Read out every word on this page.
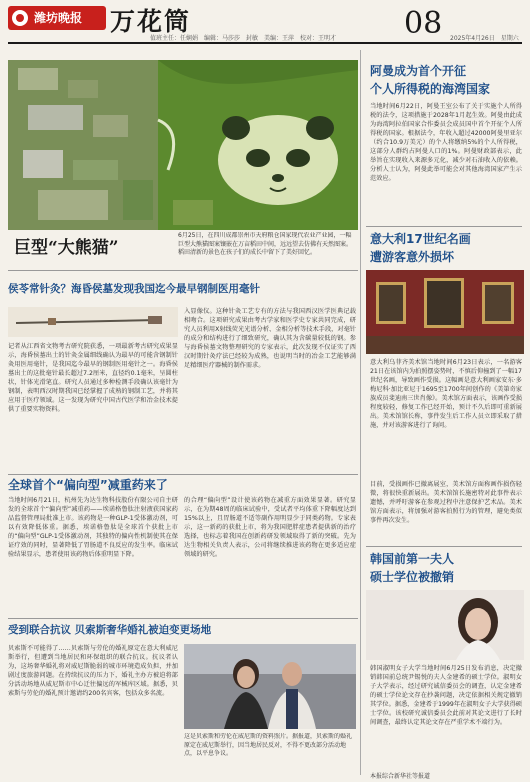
潍坊晚报	万花筒
值班主任：任娴娟　编辑：马莎莎　封敏　美编：王萍　校对：王明才 08 2025年4月26日　星期六
巨型“大熊猫”
6月25日，在四川成都崇州市天府粮仓国家现代农业产业园，一幅巨型大熊猫图案镶嵌在万亩稻田中间，远远望去仿佛有天然图案。稻田清新的景色在孩子们的成长中留下了美好回忆。
侯苓常针灸？海昏侯墓发现我国迄今最早钢制医用毫针
记者从江西省文物考古研究院获悉，一项最新考古研究成果显示，海昏侯墓出土的针灸金属细线确认为最早的可能含钢制针灸用医用毫针，是我国迄今最早的钢制医用毫针之一。海昏侯墓出土的这批毫针最长超过7.2厘米，直径约0.1毫米，呈圆柱状，针体光滑笔直。研究人员通过多种检测手段确认该毫针为钢制，表明西汉时期我国已经掌握了成熟的钢制工艺，并将其应用于医疗领域。这一发现为研究中国古代医学和冶金技术提供了重要实物资料。
入显像仪。这种针灸工艺专有的方法与我国西汉医学医典记载相吻合。这项研究成果由考古学家和医学史专家共同完成，研究人员利用X射线荧光光谱分析、金相分析等技术手段，对毫针的成分和结构进行了细致研究，确认其为含碳量较低的钢。参与海昏侯墓文物整理研究的专家表示，此次发现不仅证实了西汉时期针灸疗法已经较为成熟，也说明当时的冶金工艺能够满足精细医疗器械的制作需求。
全球首个“偏向型”减重药来了
当地时间6月21日，杭州先为达生物科技股份有限公司自主研发的全球首个“偏向型”减重药——埃诺格鲁肽注射液获国家药品监督管理局批准上市。该药物是一种GLP-1受体激动剂，可以有效降低体重。据悉，埃诺格鲁肽是全球首个获批上市的“偏向型”GLP-1受体激动剂，其独特的偏向性机制使其在保证疗效的同时，显著降低了胃肠道不良反应的发生率。临床试验结果显示，患者使用该药物后体重明显下降。
的合理“偏向型”设计使该药物在减重方面效果显著。研究显示，在为期48周的临床试验中，受试者平均体重下降幅度达到15%以上，且胃肠道不适等副作用明显少于同类药物。专家表示，这一新药的获批上市，将为我国肥胖症患者提供新的治疗选择，也标志着我国在创新药研发领域取得了新的突破。先为达生物相关负责人表示，公司将继续推进该药物在更多适应症领域的研究。
受到联合抗议 贝索斯奢华婚礼被迫变更场地
贝索斯不可能得了……贝索斯与劳伦的婚礼原定在意大利威尼斯举行，但遭到当地居民和环保组织的联合抗议。抗议者认为，这场奢华婚礼将对威尼斯脆弱的城市环境造成负担，并加剧过度旅游问题。在持续抗议的压力下，婚礼主办方被迫将部分活动场地从威尼斯市中心迁往偏远的军械库区域。据悉，贝索斯与劳伦的婚礼预计邀请约200名宾客，包括众多名流。
这是贝索斯和劳伦在威尼斯的资料照片。据报道，贝索斯的婚礼原定在威尼斯举行，因当地居民反对，不得不更改部分活动地点，以平息争议。
阿曼成为首个开征
个人所得税的海湾国家
当地时间6月22日，阿曼王室公布了关于实施个人所得税的法令，这项措施于2028年1月起生效。阿曼由此成为海湾阿拉伯国家合作委员会成员国中首个开征个人所得税的国家。根据法令，年收入超过42000阿曼里亚尔（约合10.9万美元）的个人将缴纳5%的个人所得税，这部分人群约占阿曼人口的1%。阿曼财政部表示，此举旨在实现收入来源多元化，减少对石油收入的依赖。分析人士认为，阿曼此举可能会对其他海湾国家产生示范效应。
意大利17世纪名画
遭游客意外损坏
意大利乌菲齐美术馆当地时间6月23日表示，一名游客21日在该馆内为拍照摆姿势时，不慎后仰撞到了一幅17世纪名画，导致画作受损。这幅画是意大利画家安东·多梅尼科·加比亚尼于1695至1700年间创作的《美第奇家族成员斐迪南三世肖像》。美术馆方面表示，该画作受损程度较轻，修复工作已经开始，预计不久后即可重新展出。美术馆馆长称，事件发生后工作人员立即采取了措施，并对该游客进行了询问。
目前，受损画作已撤离展室，美术馆方面称画作损伤轻微，将很快重新展出。美术馆馆长施密特对此事件表示遗憾，并呼吁游客在参观过程中注意保护艺术品。美术馆方面表示，将加强对游客拍照行为的管理，避免类似事件再次发生。
韩国前第一夫人
硕士学位被撤销
韩国淑明女子大学当地时间6月25日发布消息，决定撤销韩国前总统尹锡悦的夫人金建希的硕士学位。淑明女子大学表示，经过研究诚信委员会的调查，认定金建希的硕士学位论文存在抄袭问题，决定依据相关规定撤销其学位。据悉，金建希于1999年在淑明女子大学获得硕士学位。该校研究诚信委员会此前对其论文进行了长时间调查，最终认定其论文存在严重学术不端行为。
本报综合新华社等报道
